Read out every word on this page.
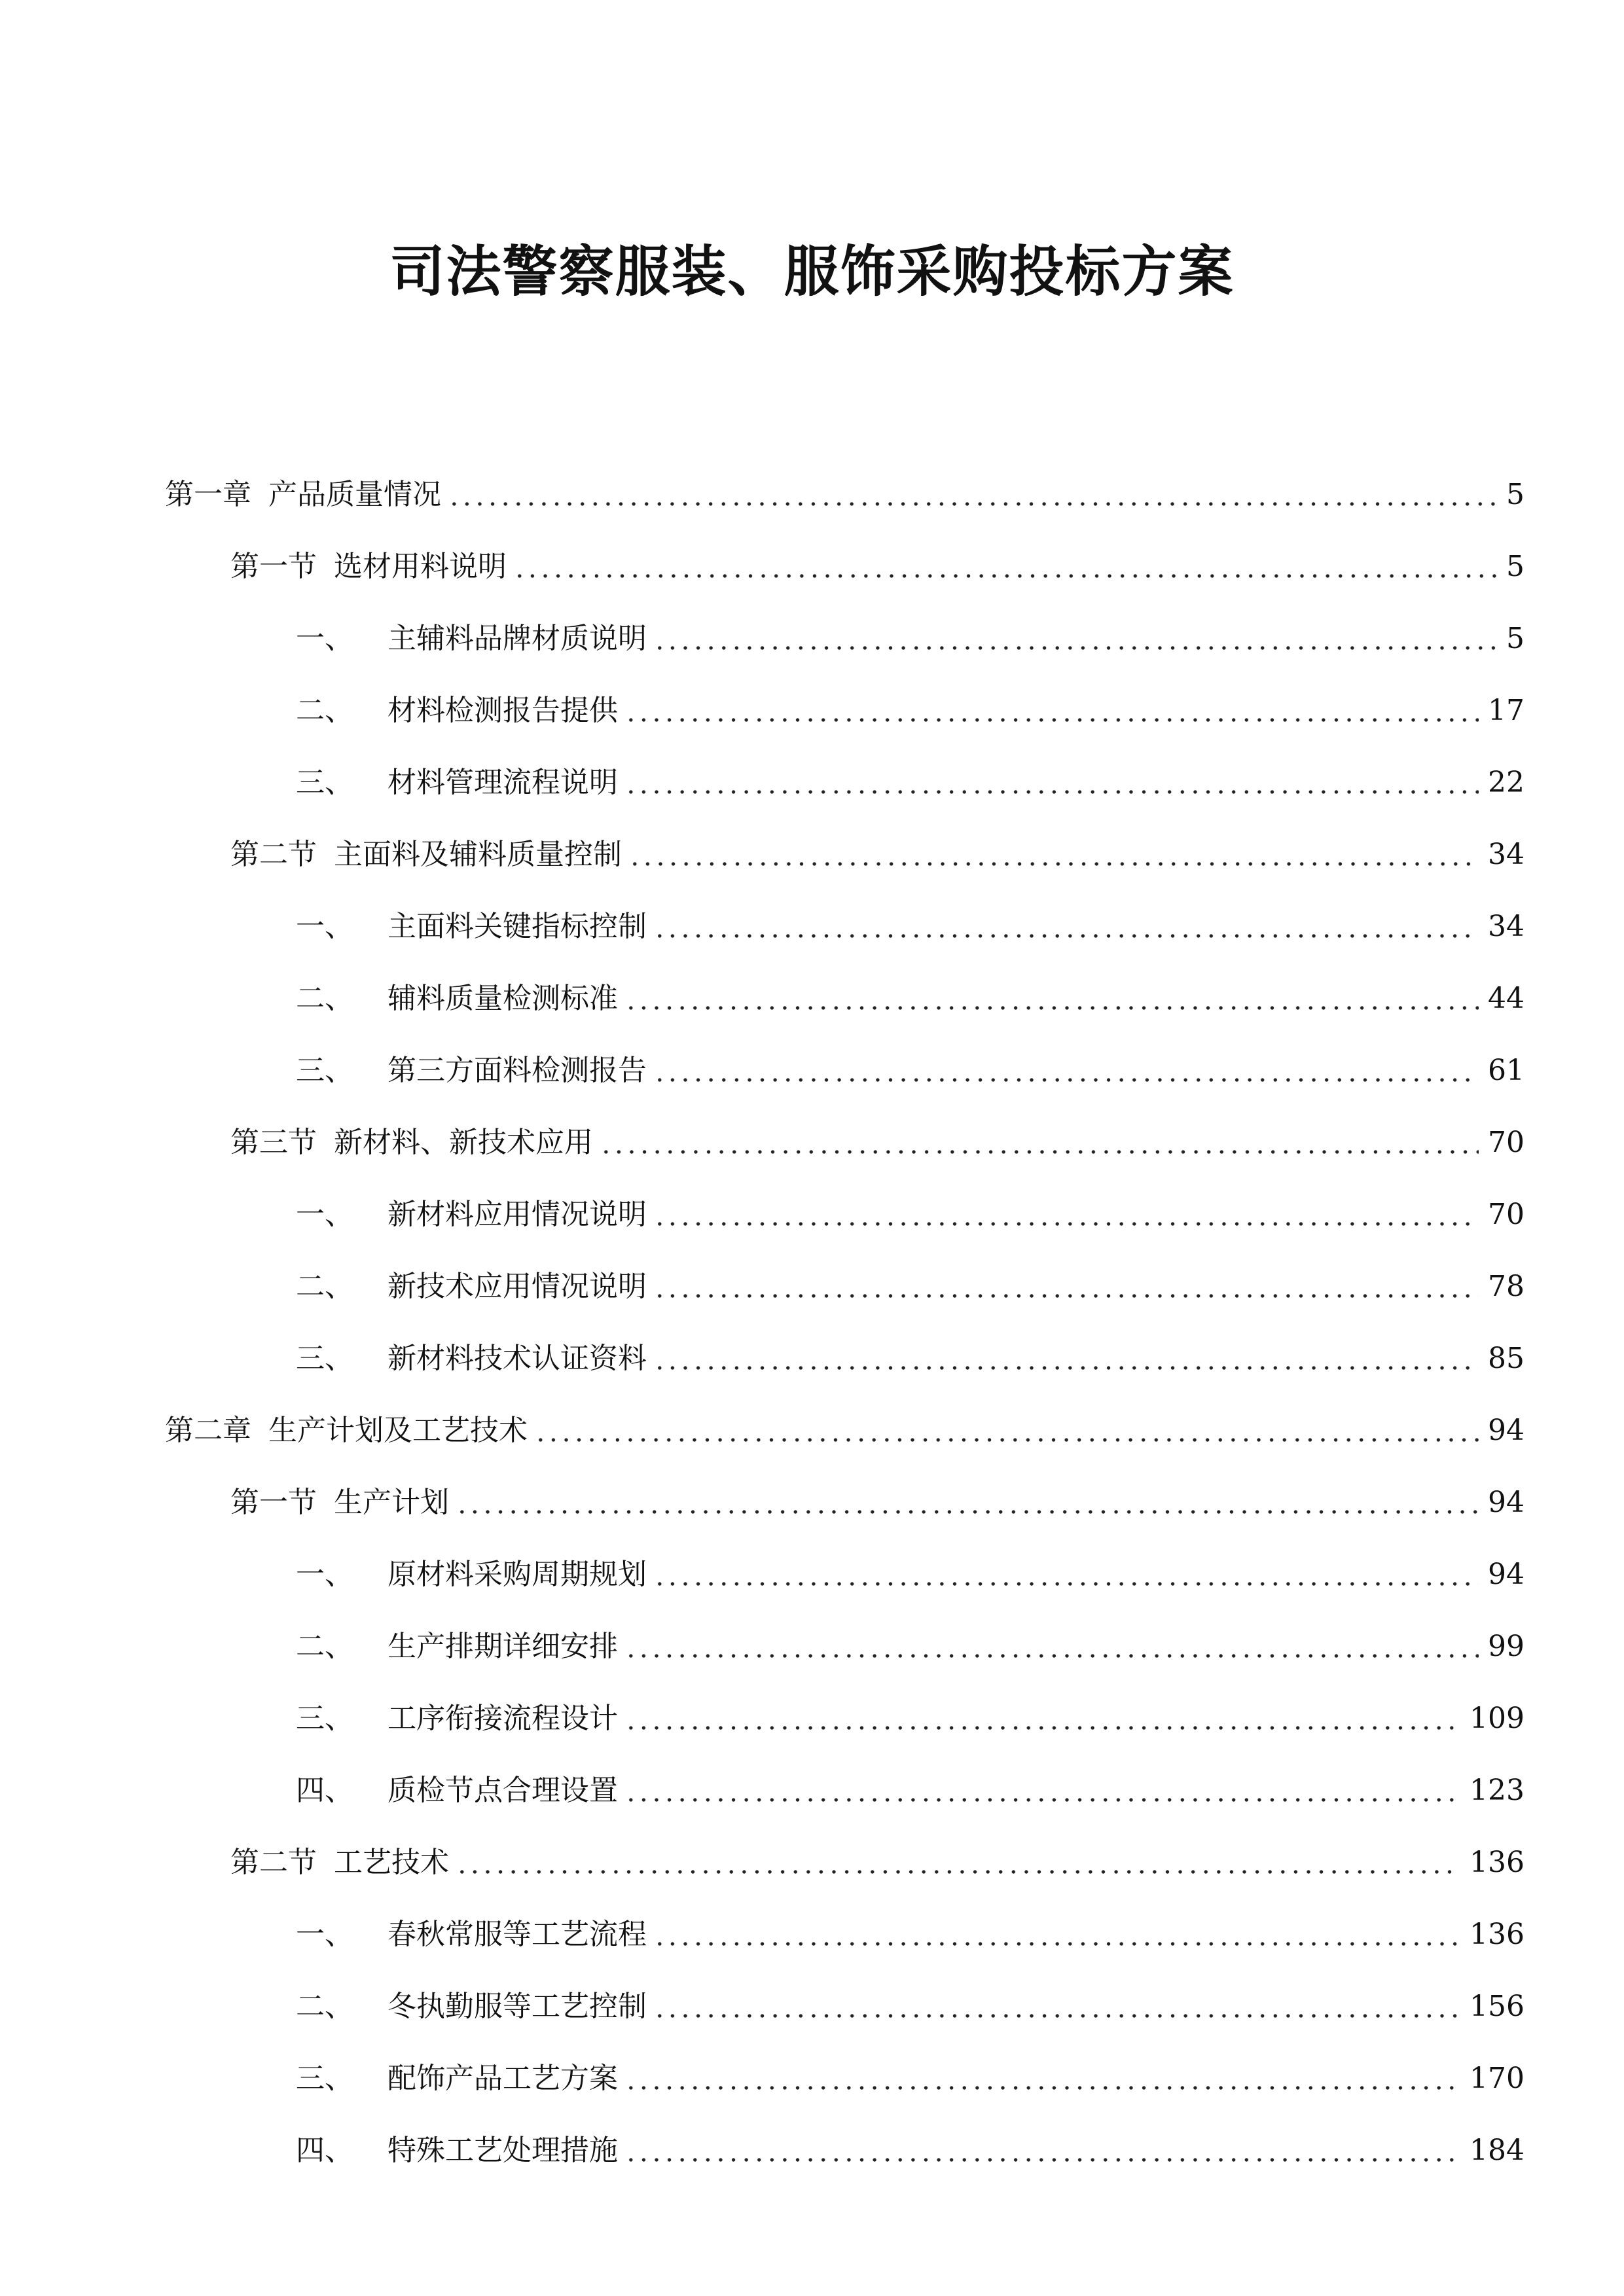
司法警察服装、服饰采购投标方案
第一章 产品质量情况	5
第一节 选材用料说明	5
一、 主辅料品牌材质说明	5
二、 材料检测报告提供	17
三、 材料管理流程说明	22
第二节 主面料及辅料质量控制	34
一、 主面料关键指标控制	34
二、 辅料质量检测标准	44
三、 第三方面料检测报告	61
第三节 新材料、新技术应用	70
一、 新材料应用情况说明	70
二、 新技术应用情况说明	78
三、 新材料技术认证资料	85
第二章 生产计划及工艺技术	94
第一节 生产计划	94
一、 原材料采购周期规划	94
二、 生产排期详细安排	99
三、 工序衔接流程设计	109
四、 质检节点合理设置	123
第二节 工艺技术	136
一、 春秋常服等工艺流程	136
二、 冬执勤服等工艺控制	156
三、 配饰产品工艺方案	170
四、 特殊工艺处理措施	184
